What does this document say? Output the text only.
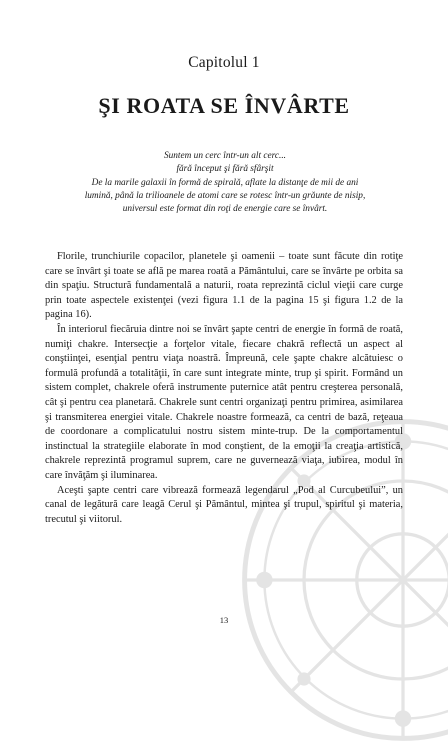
Capitolul 1
ŞI ROATA SE ÎNVÂRTE
Suntem un cerc într-un alt cerc...
fără început şi fără sfârşit
De la marile galaxii în formă de spirală, aflate la distanţe de mii de ani
lumină, până la trilioanele de atomi care se rotesc într-un grăunte de nisip,
universul este format din roţi de energie care se învârt.

Florile, trunchiurile copacilor, planetele şi oamenii – toate sunt făcute din rotiţe care se învârt şi toate se află pe marea roată a Pământului, care se învârte pe orbita sa din spaţiu. Structură fundamentală a naturii, roata reprezintă ciclul vieţii care curge prin toate aspectele existenţei (vezi figura 1.1 de la pagina 15 şi figura 1.2 de la pagina 16).

În interiorul fiecăruia dintre noi se învârt şapte centri de energie în formă de roată, numiţi chakre. Intersecţie a forţelor vitale, fiecare chakră reflectă un aspect al conştiinţei, esenţial pentru viaţa noastră. Împreună, cele şapte chakre alcătuiesc o formulă profundă a totalităţii, în care sunt integrate minte, trup şi spirit. Formând un sistem complet, chakrele oferă instrumente puternice atât pentru creşterea personală, cât şi pentru cea planetară. Chakrele sunt centri organizaţi pentru primirea, asimilarea şi transmiterea energiei vitale. Chakrele noastre formează, ca centri de bază, reţeaua de coordonare a complicatului nostru sistem minte-trup. De la comportamentul instinctual la strategiile elaborate în mod conştient, de la emoţii la creaţia artistică, chakrele reprezintă programul suprem, care ne guvernează viaţa, iubirea, modul în care învăţăm şi iluminarea.

Aceşti şapte centri care vibrează formează legendarul „Pod al Curcubeului”, un canal de legătură care leagă Cerul şi Pământul, mintea şi trupul, spiritul şi materia, trecutul şi viitorul.

13
